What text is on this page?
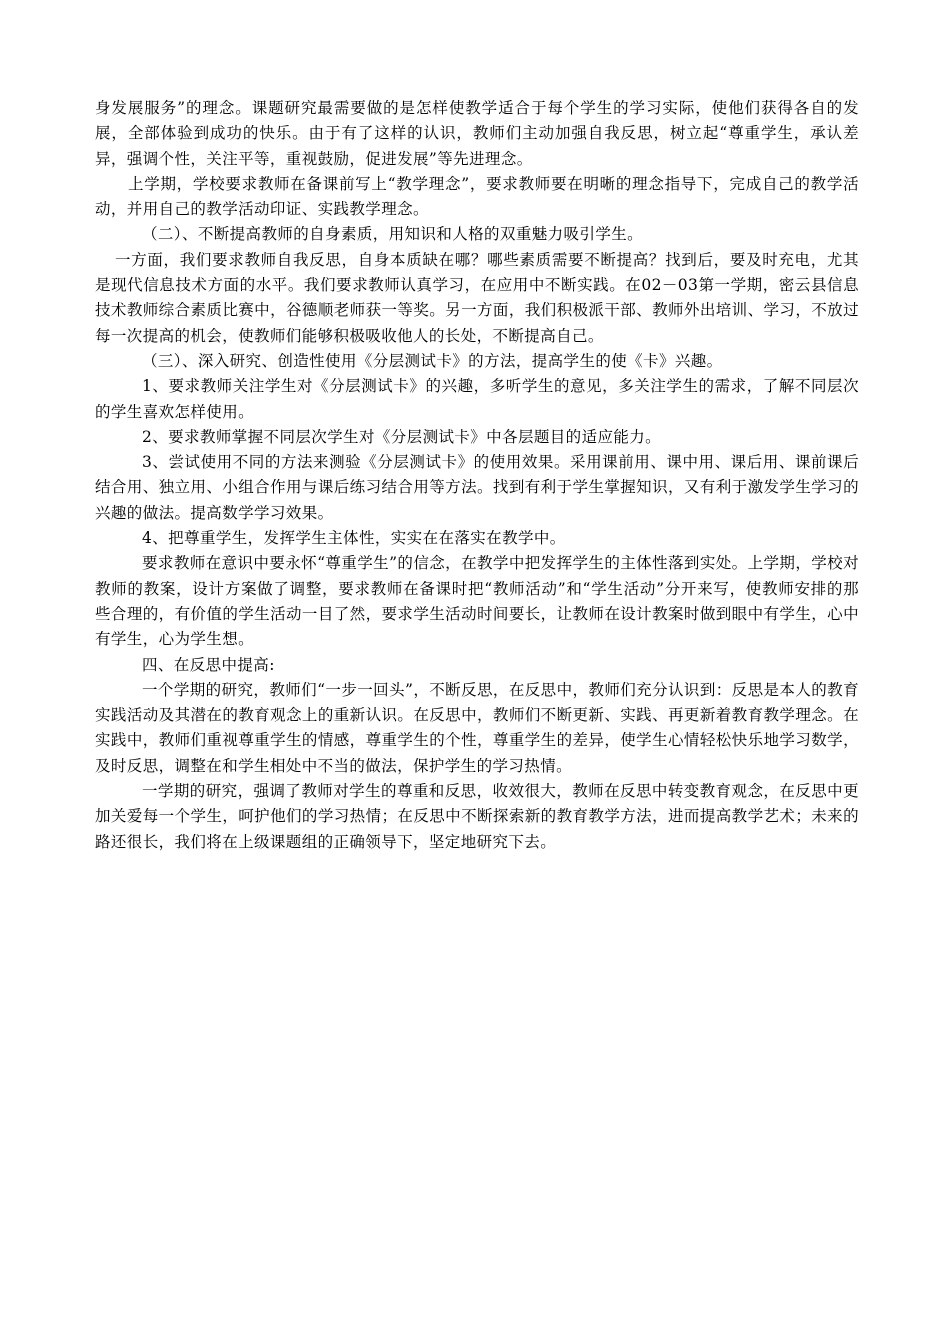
身发展服务”的理念。课题研究最需要做的是怎样使教学适合于每个学生的学习实际，使他们获得各自的发展，全部体验到成功的快乐。由于有了这样的认识，教师们主动加强自我反思，树立起“尊重学生，承认差异，强调个性，关注平等，重视鼓励，促进发展”等先进理念。

上学期，学校要求教师在备课前写上“教学理念”，要求教师要在明晰的理念指导下，完成自己的教学活动，并用自己的教学活动印证、实践教学理念。

（二）、不断提高教师的自身素质，用知识和人格的双重魅力吸引学生。

一方面，我们要求教师自我反思，自身本质缺在哪？哪些素质需要不断提高？找到后，要及时充电，尤其是现代信息技术方面的水平。我们要求教师认真学习，在应用中不断实践。在02－03第一学期，密云县信息技术教师综合素质比赛中，谷德顺老师获一等奖。另一方面，我们积极派干部、教师外出培训、学习，不放过每一次提高的机会，使教师们能够积极吸收他人的长处，不断提高自己。

（三）、深入研究、创造性使用《分层测试卡》的方法，提高学生的使《卡》兴趣。

1、要求教师关注学生对《分层测试卡》的兴趣，多听学生的意见，多关注学生的需求，了解不同层次的学生喜欢怎样使用。

2、要求教师掌握不同层次学生对《分层测试卡》中各层题目的适应能力。

3、尝试使用不同的方法来测验《分层测试卡》的使用效果。采用课前用、课中用、课后用、课前课后结合用、独立用、小组合作用与课后练习结合用等方法。找到有利于学生掌握知识，又有利于激发学生学习的兴趣的做法。提高数学学习效果。

4、把尊重学生，发挥学生主体性，实实在在落实在教学中。

要求教师在意识中要永怀“尊重学生”的信念，在教学中把发挥学生的主体性落到实处。上学期，学校对教师的教案，设计方案做了调整，要求教师在备课时把“教师活动”和“学生活动”分开来写，使教师安排的那些合理的，有价值的学生活动一目了然，要求学生活动时间要长，让教师在设计教案时做到眼中有学生，心中有学生，心为学生想。

四、在反思中提高:

一个学期的研究，教师们“一步一回头”，不断反思，在反思中，教师们充分认识到：反思是本人的教育实践活动及其潜在的教育观念上的重新认识。在反思中，教师们不断更新、实践、再更新着教育教学理念。在实践中，教师们重视尊重学生的情感，尊重学生的个性，尊重学生的差异，使学生心情轻松快乐地学习数学，及时反思，调整在和学生相处中不当的做法，保护学生的学习热情。

一学期的研究，强调了教师对学生的尊重和反思，收效很大，教师在反思中转变教育观念，在反思中更加关爱每一个学生，呵护他们的学习热情；在反思中不断探索新的教育教学方法，进而提高教学艺术；未来的路还很长，我们将在上级课题组的正确领导下，坚定地研究下去。
